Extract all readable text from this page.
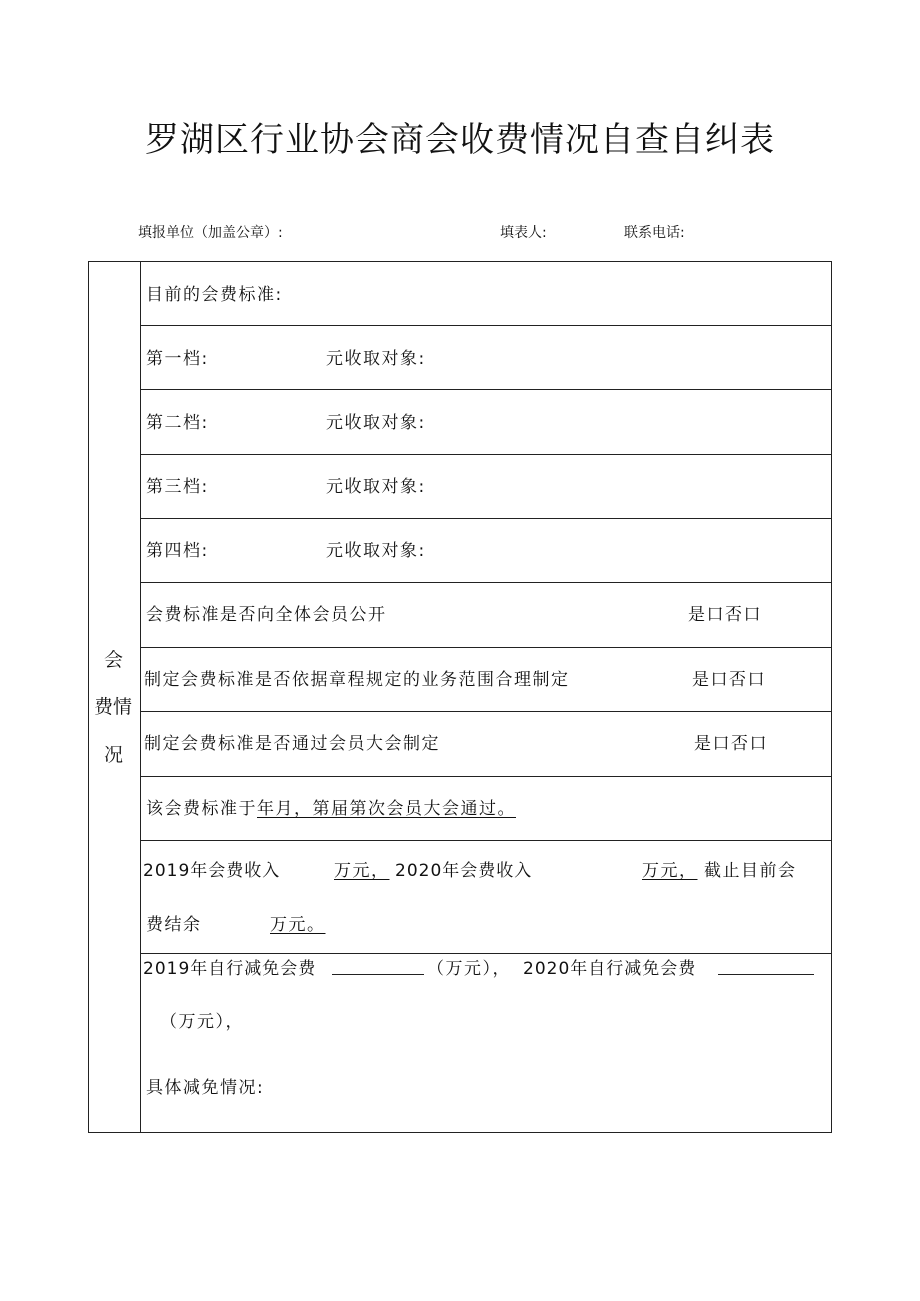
罗湖区行业协会商会收费情况自查自纠表
填报单位（加盖公章）:	填表人:	联系电话:
会
费情
况
目前的会费标准:
第一档:	元收取对象:
第二档:	元收取对象:
第三档:	元收取对象:
第四档:	元收取对象:
会费标准是否向全体会员公开	是口否口
制定会费标准是否依据章程规定的业务范围合理制定	是口否口
制定会费标准是否通过会员大会制定	是口否口
该会费标准于年月，第届第次会员大会通过。
2019年会费收入	万元， 2020年会费收入	万元， 截止目前会
费结余	万元。
2019年自行减免会费	（万元）， 2020年自行减免会费
（万元），
具体减免情况:
